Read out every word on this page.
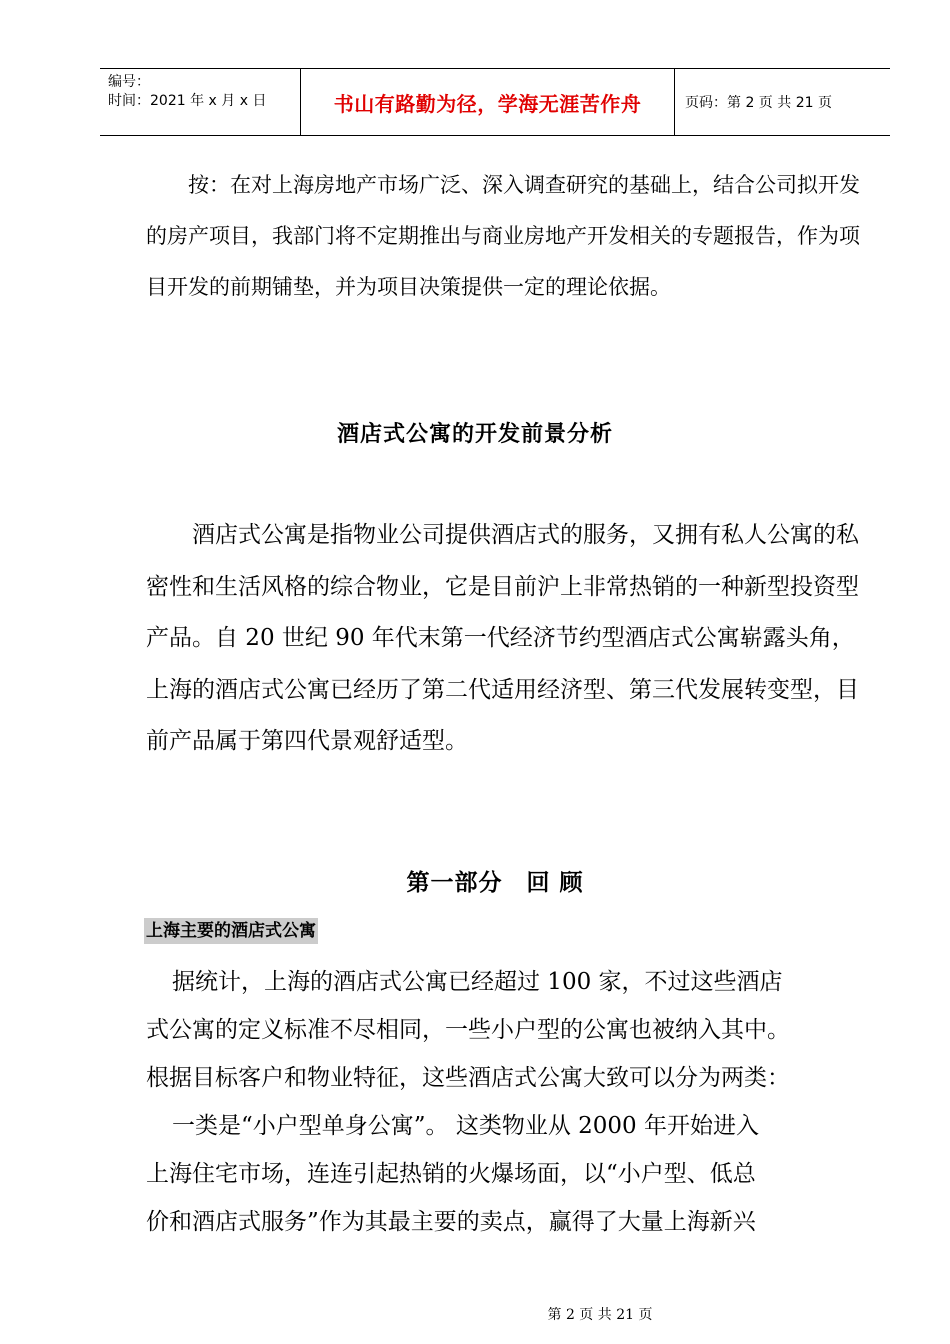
编号：
时间：2021 年 x 月 x 日	书山有路勤为径，学海无涯苦作舟	页码：第 2 页 共 21 页

按：在对上海房地产市场广泛、深入调查研究的基础上，结合公司拟开发的房产项目，我部门将不定期推出与商业房地产开发相关的专题报告，作为项目开发的前期铺垫，并为项目决策提供一定的理论依据。

酒店式公寓的开发前景分析

酒店式公寓是指物业公司提供酒店式的服务，又拥有私人公寓的私密性和生活风格的综合物业，它是目前沪上非常热销的一种新型投资型产品。自 20 世纪 90 年代末第一代经济节约型酒店式公寓崭露头角，上海的酒店式公寓已经历了第二代适用经济型、第三代发展转变型，目前产品属于第四代景观舒适型。

第一部分　回 顾
上海主要的酒店式公寓
据统计，上海的酒店式公寓已经超过 100 家，不过这些酒店
式公寓的定义标准不尽相同，一些小户型的公寓也被纳入其中。
根据目标客户和物业特征，这些酒店式公寓大致可以分为两类：
一类是“小户型单身公寓”。 这类物业从 2000 年开始进入
上海住宅市场，连连引起热销的火爆场面，以“小户型、低总
价和酒店式服务”作为其最主要的卖点，赢得了大量上海新兴
第 2 页 共 21 页
